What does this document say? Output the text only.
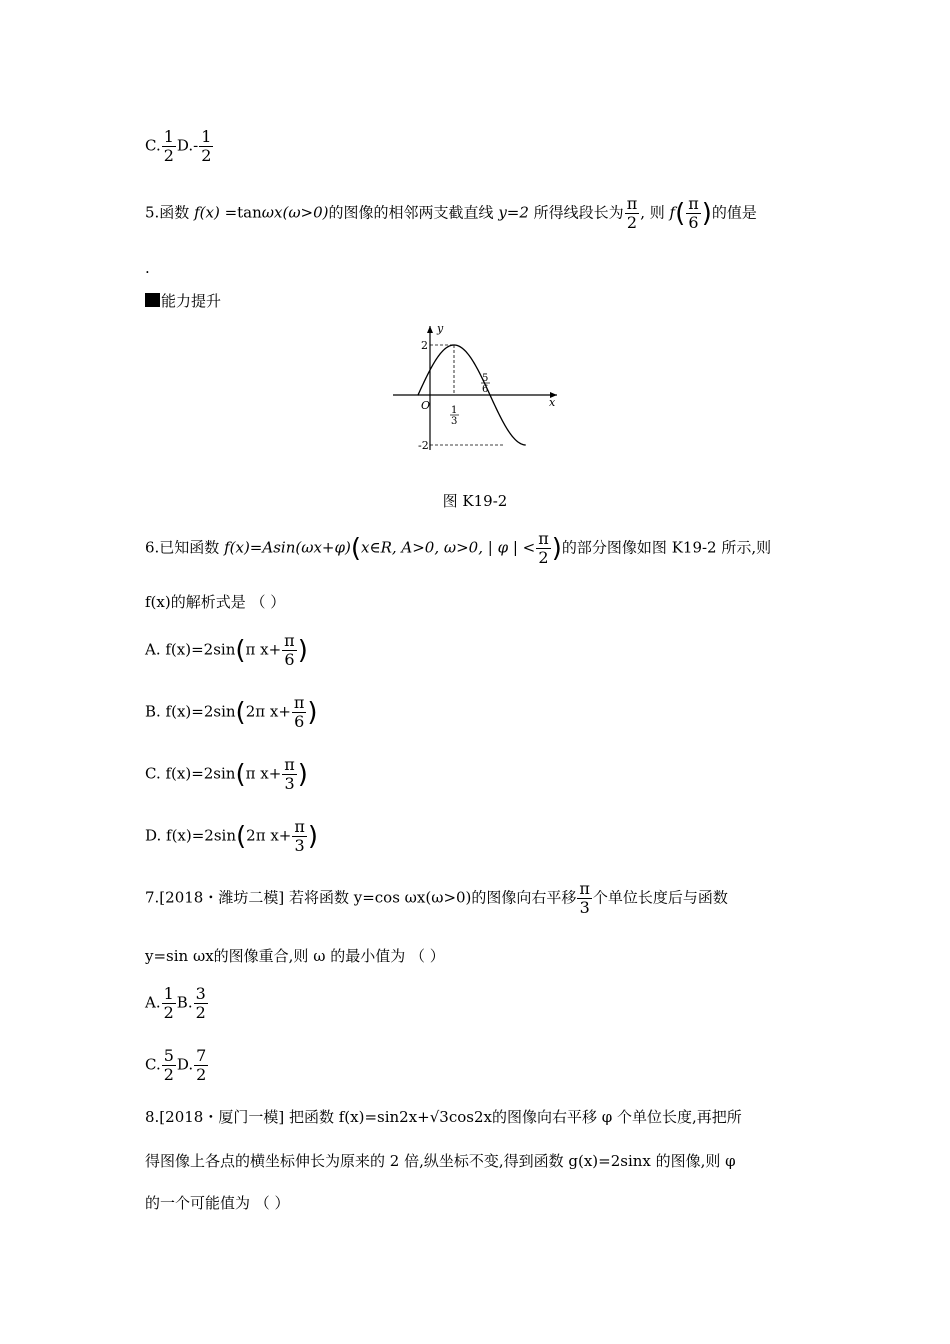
C. $\frac{1}{2} D.- \frac{1}{2}$
5.函数 f(x) =tanωx(ω>0)的图像的相邻两支截直线 y=2 所得线段长为 $\frac{\pi}{2}$ , 则 $f( \frac{\pi}{6}$ )的值是
.
能力提升
y
x
O
2
-2
1
3
5
6
图 K19-2
6.已知函数 f(x)=Asin(ωx+φ)(x∈R, A>0, ω>0, | φ | < $\frac{\pi}{2}$ )的部分图像如图 K19-2 所示,则
f(x)的解析式是 （ ）
A. f(x)=2sin(π $x+ \frac{\pi}{6}$ )
B. f(x)=2sin(2π $x+ \frac{\pi}{6}$ )
C. f(x)=2sin(π $x+ \frac{\pi}{3}$ )
D. f(x)=2sin(2π $x+ \frac{\pi}{3}$ )
7.[2018・潍坊二模] 若将函数 y=cos ωx(ω>0)的图像向右平移 $\frac{\pi}{3}$ 个单位长度后与函数
y=sin ωx的图像重合,则 ω 的最小值为 （ ）
A. $\frac{1}{2} B$. $\frac{3}{2}$
C. $\frac{5}{2} D$. $\frac{7}{2}$
8.[2018・厦门一模] 把函数 f(x)=sin2x+√3cos2x的图像向右平移 φ 个单位长度,再把所
得图像上各点的横坐标伸长为原来的 2 倍,纵坐标不变,得到函数 g(x)=2sinx 的图像,则 φ
的一个可能值为 （ ）
